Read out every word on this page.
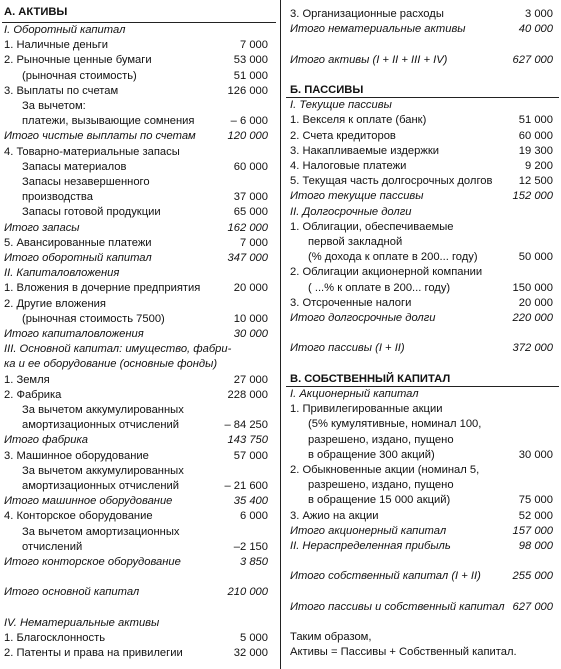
А. АКТИВЫ
I. Оборотный капитал
1. Наличные деньги	7 000
2. Рыночные ценные бумаги	53 000
(рыночная стоимость)	51 000
3. Выплаты по счетам	126 000
За вычетом:
платежи, вызывающие сомнения	– 6 000
Итого чистые выплаты по счетам	120 000
4. Товарно-материальные запасы
Запасы материалов	60 000
Запасы незавершенного
производства	37 000
Запасы готовой продукции	65 000
Итого запасы	162 000
5. Авансированные платежи	7 000
Итого оборотный капитал	347 000
II. Капиталовложения
1. Вложения в дочерние предприятия	20 000
2. Другие вложения
(рыночная стоимость 7500)	10 000
Итого капиталовложения	30 000
III. Основной капитал: имущество, фабри-
ка и ее оборудование (основные фонды)
1. Земля	27 000
2. Фабрика	228 000
За вычетом аккумулированных
амортизационных отчислений	– 84 250
Итого фабрика	143 750
3. Машинное оборудование	57 000
За вычетом аккумулированных
амортизационных отчислений	– 21 600
Итого машинное оборудование	35 400
4. Конторское оборудование	6 000
За вычетом амортизационных
отчислений	–2 150
Итого конторское оборудование	3 850
Итого основной капитал	210 000
IV. Нематериальные активы
1. Благосклонность	5 000
2. Патенты и права на привилегии	32 000
3. Организационные расходы	3 000
Итого нематериальные активы	40 000
Итого активы (I + II + III + IV)	627 000
Б. ПАССИВЫ
I. Текущие пассивы
1. Векселя к оплате (банк)	51 000
2. Счета кредиторов	60 000
3. Накапливаемые издержки	19 300
4. Налоговые платежи	9 200
5. Текущая часть долгосрочных долгов 12 500
Итого текущие пассивы	152 000
II. Долгосрочные долги
1. Облигации, обеспечиваемые
первой закладной
(% дохода к оплате в 200... году)	50 000
2. Облигации акционерной компании
( ...% к оплате в 200... году)	150 000
3. Отсроченные налоги	20 000
Итого долгосрочные долги	220 000
Итого пассивы (I + II)	372 000
В. СОБСТВЕННЫЙ КАПИТАЛ
I. Акционерный капитал
1. Привилегированные акции
(5% кумулятивные, номинал 100,
разрешено, издано, пущено
в обращение 300 акций)	30 000
2. Обыкновенные акции (номинал 5,
разрешено, издано, пущено
в обращение 15 000 акций)	75 000
3. Ажио на акции	52 000
Итого акционерный капитал	157 000
II. Нераспределенная прибыль	98 000
Итого собственный капитал (I + II)	255 000
Итого пассивы и собственный капитал 627 000
Таким образом,
Активы = Пассивы + Собственный капитал.
